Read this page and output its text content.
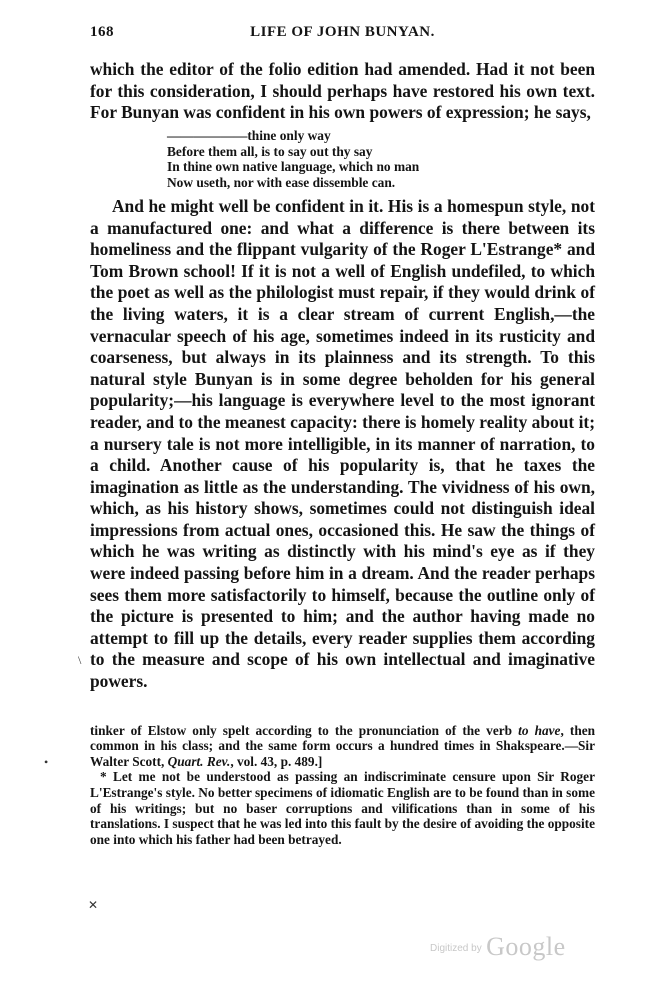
168	LIFE OF JOHN BUNYAN.

which the editor of the folio edition had amended. Had it not been for this consideration, I should perhaps have restored his own text. For Bunyan was confident in his own powers of expression; he says,

——————thine only way
Before them all, is to say out thy say
In thine own native language, which no man
Now useth, nor with ease dissemble can.

And he might well be confident in it. His is a homespun style, not a manufactured one: and what a difference is there between its homeliness and the flippant vulgarity of the Roger L'Estrange* and Tom Brown school! If it is not a well of English undefiled, to which the poet as well as the philologist must repair, if they would drink of the living waters, it is a clear stream of current English,—the vernacular speech of his age, sometimes indeed in its rusticity and coarseness, but always in its plainness and its strength. To this natural style Bunyan is in some degree beholden for his general popularity;—his language is everywhere level to the most ignorant reader, and to the meanest capacity: there is homely reality about it; a nursery tale is not more intelligible, in its manner of narration, to a child. Another cause of his popularity is, that he taxes the imagination as little as the understanding. The vividness of his own, which, as his history shows, sometimes could not distinguish ideal impressions from actual ones, occasioned this. He saw the things of which he was writing as distinctly with his mind's eye as if they were indeed passing before him in a dream. And the reader perhaps sees them more satisfactorily to himself, because the outline only of the picture is presented to him; and the author having made no attempt to fill up the details, every reader supplies them according to the measure and scope of his own intellectual and imaginative powers.

tinker of Elstow only spelt according to the pronunciation of the verb to have, then common in his class; and the same form occurs a hundred times in Shakspeare.—Sir Walter Scott, Quart. Rev., vol. 43, p. 489.]

* Let me not be understood as passing an indiscriminate censure upon Sir Roger L'Estrange's style. No better specimens of idiomatic English are to be found than in some of his writings; but no baser corruptions and vilifications than in some of his translations. I suspect that he was led into this fault by the desire of avoiding the opposite one into which his father had been betrayed.

•
\
✕
$^{Digitized by}$ Google
